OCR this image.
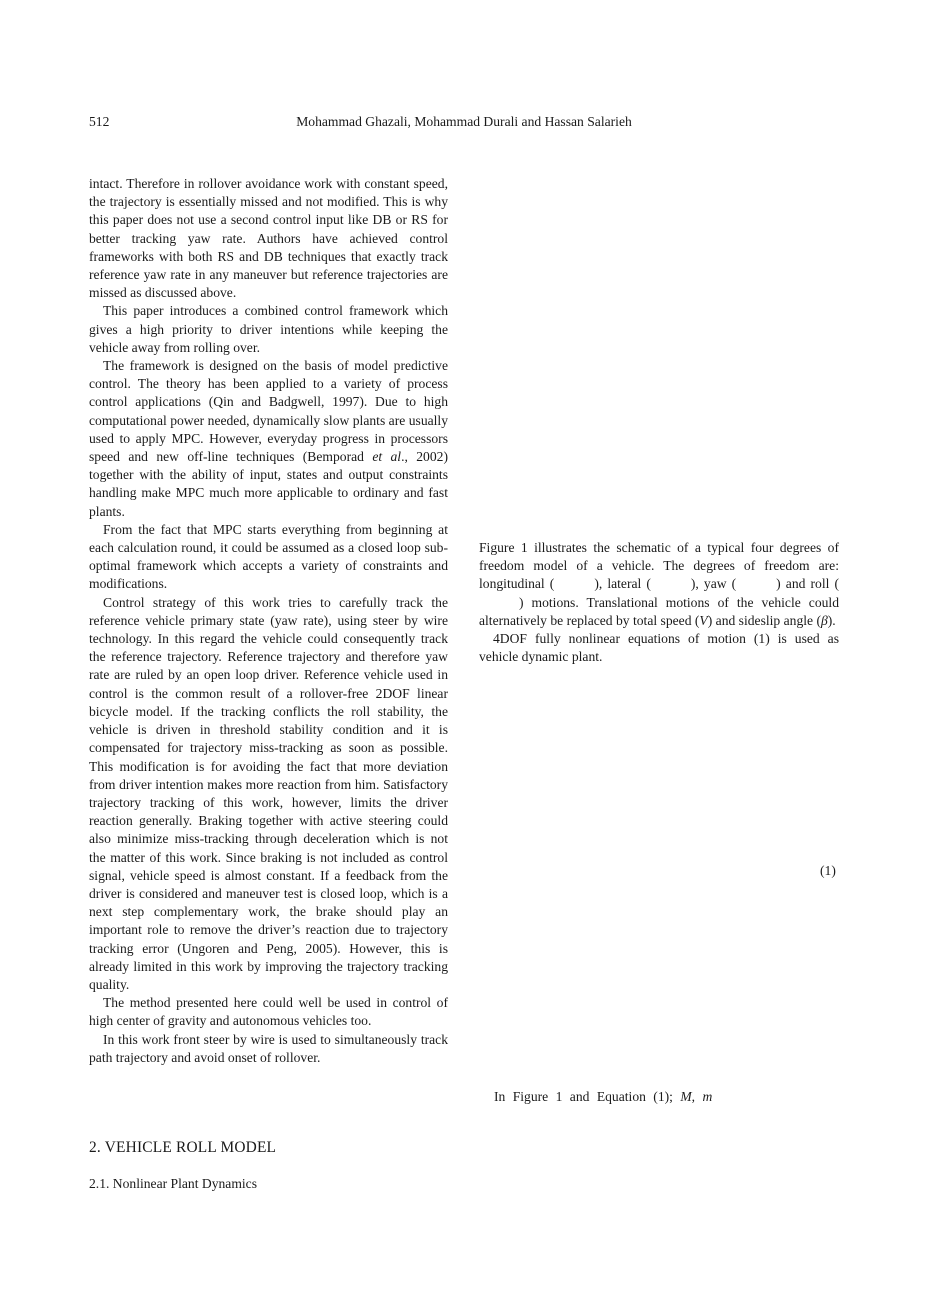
512	Mohammad Ghazali, Mohammad Durali and Hassan Salarieh

intact. Therefore in rollover avoidance work with constant speed, the trajectory is essentially missed and not modified. This is why this paper does not use a second control input like DB or RS for better tracking yaw rate. Authors have achieved control frameworks with both RS and DB techniques that exactly track reference yaw rate in any maneuver but reference trajectories are missed as discussed above.

This paper introduces a combined control framework which gives a high priority to driver intentions while keeping the vehicle away from rolling over.

The framework is designed on the basis of model predictive control. The theory has been applied to a variety of process control applications (Qin and Badgwell, 1997). Due to high computational power needed, dynamically slow plants are usually used to apply MPC. However, everyday progress in processors speed and new off-line techniques (Bemporad et al., 2002) together with the ability of input, states and output constraints handling make MPC much more applicable to ordinary and fast plants.

From the fact that MPC starts everything from beginning at each calculation round, it could be assumed as a closed loop sub-optimal framework which accepts a variety of constraints and modifications.

Control strategy of this work tries to carefully track the reference vehicle primary state (yaw rate), using steer by wire technology. In this regard the vehicle could consequently track the reference trajectory. Reference trajectory and therefore yaw rate are ruled by an open loop driver. Reference vehicle used in control is the common result of a rollover-free 2DOF linear bicycle model. If the tracking conflicts the roll stability, the vehicle is driven in threshold stability condition and it is compensated for trajectory miss-tracking as soon as possible. This modification is for avoiding the fact that more deviation from driver intention makes more reaction from him. Satisfactory trajectory tracking of this work, however, limits the driver reaction generally. Braking together with active steering could also minimize miss-tracking through deceleration which is not the matter of this work. Since braking is not included as control signal, vehicle speed is almost constant. If a feedback from the driver is considered and maneuver test is closed loop, which is a next step complementary work, the brake should play an important role to remove the driver’s reaction due to trajectory tracking error (Ungoren and Peng, 2005). However, this is already limited in this work by improving the trajectory tracking quality.

The method presented here could well be used in control of high center of gravity and autonomous vehicles too.

In this work front steer by wire is used to simultaneously track path trajectory and avoid onset of rollover.

2. VEHICLE ROLL MODEL
2.1. Nonlinear Plant Dynamics

Figure 1 illustrates the schematic of a typical four degrees of freedom model of a vehicle. The degrees of freedom are: longitudinal (	), lateral (	), yaw (	) and roll () motions. Translational motions of the vehicle could alternatively be replaced by total speed (V) and sideslip angle (β).

4DOF fully nonlinear equations of motion (1) is used as vehicle dynamic plant.

(1)
In Figure 1 and Equation (1); M, m
